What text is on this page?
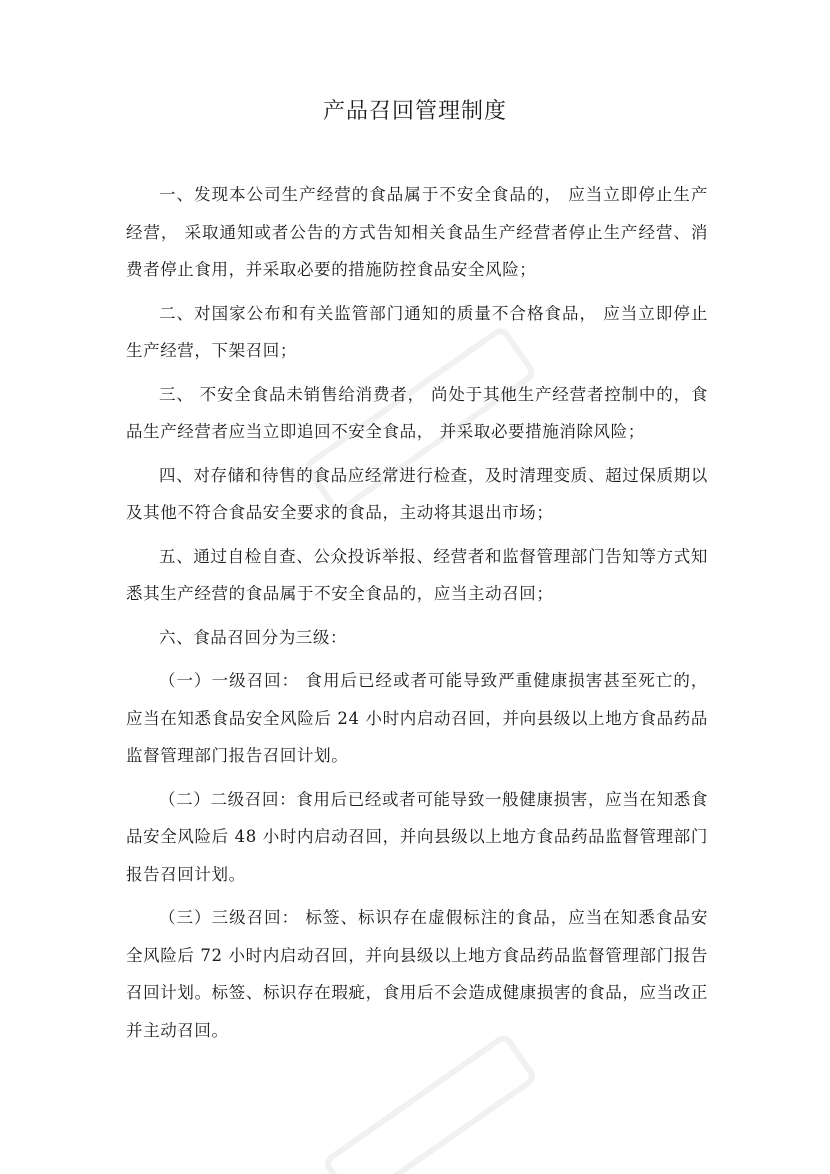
产品召回管理制度

一、发现本公司生产经营的食品属于不安全食品的， 应当立即停止生产经营， 采取通知或者公告的方式告知相关食品生产经营者停止生产经营、消费者停止食用，并采取必要的措施防控食品安全风险；

二、对国家公布和有关监管部门通知的质量不合格食品， 应当立即停止生产经营，下架召回；

三、 不安全食品未销售给消费者， 尚处于其他生产经营者控制中的，食品生产经营者应当立即追回不安全食品， 并采取必要措施消除风险；

四、对存储和待售的食品应经常进行检查，及时清理变质、超过保质期以及其他不符合食品安全要求的食品，主动将其退出市场；

五、通过自检自查、公众投诉举报、经营者和监督管理部门告知等方式知悉其生产经营的食品属于不安全食品的，应当主动召回；

六、食品召回分为三级：

（一）一级召回： 食用后已经或者可能导致严重健康损害甚至死亡的，应当在知悉食品安全风险后 24 小时内启动召回，并向县级以上地方食品药品监督管理部门报告召回计划。

（二）二级召回：食用后已经或者可能导致一般健康损害，应当在知悉食品安全风险后 48 小时内启动召回，并向县级以上地方食品药品监督管理部门报告召回计划。

（三）三级召回： 标签、标识存在虚假标注的食品，应当在知悉食品安全风险后 72 小时内启动召回，并向县级以上地方食品药品监督管理部门报告召回计划。标签、标识存在瑕疵，食用后不会造成健康损害的食品，应当改正并主动召回。
